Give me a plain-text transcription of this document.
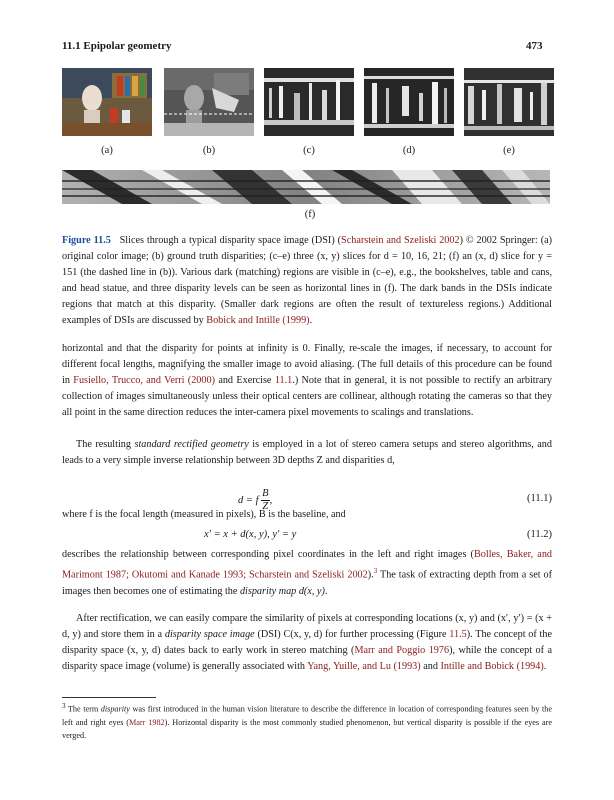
11.1 Epipolar geometry	473
(a)	(b)	(c)	(d)	(e)
(f)
Figure 11.5 Slices through a typical disparity space image (DSI) (Scharstein and Szeliski 2002) © 2002 Springer: (a) original color image; (b) ground truth disparities; (c–e) three (x, y) slices for d = 10, 16, 21; (f) an (x, d) slice for y = 151 (the dashed line in (b)). Various dark (matching) regions are visible in (c–e), e.g., the bookshelves, table and cans, and head statue, and three disparity levels can be seen as horizontal lines in (f). The dark bands in the DSIs indicate regions that match at this disparity. (Smaller dark regions are often the result of textureless regions.) Additional examples of DSIs are discussed by Bobick and Intille (1999).
horizontal and that the disparity for points at infinity is 0. Finally, re-scale the images, if necessary, to account for different focal lengths, magnifying the smaller image to avoid aliasing. (The full details of this procedure can be found in Fusiello, Trucco, and Verri (2000) and Exercise 11.1.) Note that in general, it is not possible to rectify an arbitrary collection of images simultaneously unless their optical centers are collinear, although rotating the cameras so that they all point in the same direction reduces the inter-camera pixel movements to scalings and translations.
The resulting standard rectified geometry is employed in a lot of stereo camera setups and stereo algorithms, and leads to a very simple inverse relationship between 3D depths Z and disparities d,
d = f $\frac{B}{Z}$ ,	(11.1)
where f is the focal length (measured in pixels), B is the baseline, and
x′ = x + d(x, y), y′ = y	(11.2)
describes the relationship between corresponding pixel coordinates in the left and right images (Bolles, Baker, and Marimont 1987; Okutomi and Kanade 1993; Scharstein and Szeliski 2002).$^3$ The task of extracting depth from a set of images then becomes one of estimating the disparity map d(x, y).
After rectification, we can easily compare the similarity of pixels at corresponding locations (x, y) and (x′, y′) = (x + d, y) and store them in a disparity space image (DSI) C(x, y, d) for further processing (Figure 11.5). The concept of the disparity space (x, y, d) dates back to early work in stereo matching (Marr and Poggio 1976), while the concept of a disparity space image (volume) is generally associated with Yang, Yuille, and Lu (1993) and Intille and Bobick (1994).
$^3$ The term disparity was first introduced in the human vision literature to describe the difference in location of corresponding features seen by the left and right eyes (Marr 1982). Horizontal disparity is the most commonly studied phenomenon, but vertical disparity is possible if the eyes are verged.
